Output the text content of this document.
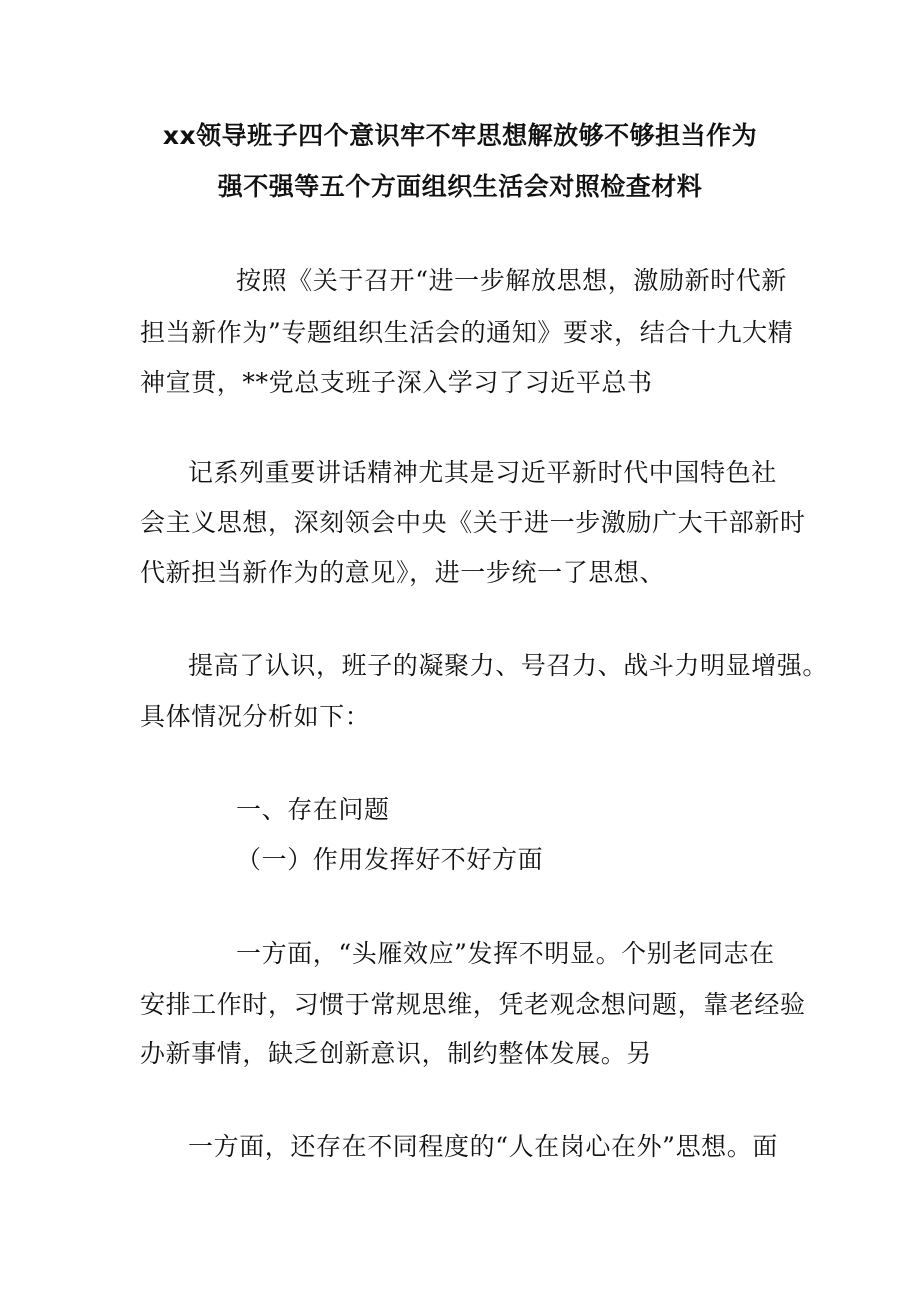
xx领导班子四个意识牢不牢思想解放够不够担当作为
强不强等五个方面组织生活会对照检查材料
按照《关于召开“进一步解放思想，激励新时代新
担当新作为”专题组织生活会的通知》要求，结合十九大精
神宣贯，**党总支班子深入学习了习近平总书
记系列重要讲话精神尤其是习近平新时代中国特色社
会主义思想，深刻领会中央《关于进一步激励广大干部新时
代新担当新作为的意见》，进一步统一了思想、
提高了认识，班子的凝聚力、号召力、战斗力明显增强。
具体情况分析如下：
一、存在问题
（一）作用发挥好不好方面
一方面，“头雁效应”发挥不明显。个别老同志在
安排工作时，习惯于常规思维，凭老观念想问题，靠老经验
办新事情，缺乏创新意识，制约整体发展。另
一方面，还存在不同程度的“人在岗心在外”思想。面
